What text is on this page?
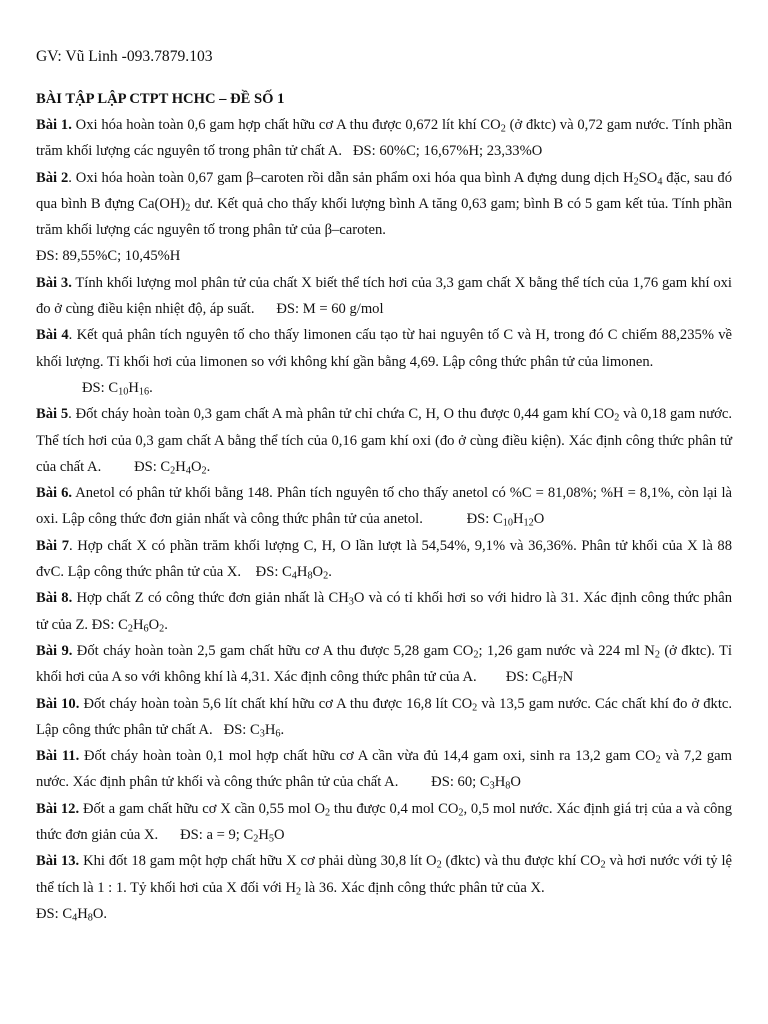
GV: Vũ Linh -093.7879.103
BÀI TẬP LẬP CTPT HCHC – ĐỀ SỐ 1

Bài 1. Oxi hóa hoàn toàn 0,6 gam hợp chất hữu cơ A thu được 0,672 lít khí $CO_2$ (ở đktc) và 0,72 gam nước. Tính phần trăm khối lượng các nguyên tố trong phân tử chất A.   ĐS: 60%C; 16,67%H; 23,33%O

Bài 2. Oxi hóa hoàn toàn 0,67 gam β–caroten rồi dẫn sản phẩm oxi hóa qua bình A đựng dung dịch $H_2SO_4$ đặc, sau đó qua bình B đựng $Ca(OH)_2$ dư. Kết quả cho thấy khối lượng bình A tăng 0,63 gam; bình B có 5 gam kết tủa. Tính phần trăm khối lượng các nguyên tố trong phân tử của β–caroten.
ĐS: 89,55%C; 10,45%H

Bài 3. Tính khối lượng mol phân tử của chất X biết thể tích hơi của 3,3 gam chất X bằng thể tích của 1,76 gam khí oxi đo ở cùng điều kiện nhiệt độ, áp suất.      ĐS: M = 60 g/mol

Bài 4. Kết quả phân tích nguyên tố cho thấy limonen cấu tạo từ hai nguyên tố C và H, trong đó C chiếm 88,235% về khối lượng. Tỉ khối hơi của limonen so với không khí gần bằng 4,69. Lập công thức phân tử của limonen.
ĐS: $C_{10}H_{16}$.

Bài 5. Đốt cháy hoàn toàn 0,3 gam chất A mà phân tử chỉ chứa C, H, O thu được 0,44 gam khí $CO_2$ và 0,18 gam nước. Thể tích hơi của 0,3 gam chất A bằng thể tích của 0,16 gam khí oxi (đo ở cùng điều kiện). Xác định công thức phân tử của chất A.         ĐS: $C_2H_4O_2$.

Bài 6. Anetol có phân tử khối bằng 148. Phân tích nguyên tố cho thấy anetol có %C = 81,08%; %H = 8,1%, còn lại là oxi. Lập công thức đơn giản nhất và công thức phân tử của anetol.            ĐS: $C_{10}H_{12}O$

Bài 7. Hợp chất X có phần trăm khối lượng C, H, O lần lượt là 54,54%, 9,1% và 36,36%. Phân tử khối của X là 88 đvC. Lập công thức phân tử của X.    ĐS: $C_4H_8O_2$.

Bài 8. Hợp chất Z có công thức đơn giản nhất là $CH_3O$ và có tỉ khối hơi so với hidro là 31. Xác định công thức phân tử của Z. ĐS: $C_2H_6O_2$.

Bài 9. Đốt cháy hoàn toàn 2,5 gam chất hữu cơ A thu được 5,28 gam $CO_2$; 1,26 gam nước và 224 ml $N_2$ (ở đktc). Tỉ khối hơi của A so với không khí là 4,31. Xác định công thức phân tử của A.        ĐS: $C_6H_7N$

Bài 10. Đốt cháy hoàn toàn 5,6 lít chất khí hữu cơ A thu được 16,8 lít $CO_2$ và 13,5 gam nước. Các chất khí đo ở đktc. Lập công thức phân tử chất A.   ĐS: $C_3H_6$.

Bài 11. Đốt cháy hoàn toàn 0,1 mol hợp chất hữu cơ A cần vừa đủ 14,4 gam oxi, sinh ra 13,2 gam $CO_2$ và 7,2 gam nước. Xác định phân tử khối và công thức phân tử của chất A.         ĐS: 60; $C_3H_8O$

Bài 12. Đốt a gam chất hữu cơ X cần 0,55 mol $O_2$ thu được 0,4 mol $CO_2$, 0,5 mol nước. Xác định giá trị của a và công thức đơn giản của X.      ĐS: a = 9; $C_2H_5O$

Bài 13. Khi đốt 18 gam một hợp chất hữu X cơ phải dùng 30,8 lít $O_2$ (đktc) và thu được khí $CO_2$ và hơi nước với tỷ lệ thể tích là 1 : 1. Tỷ khối hơi của X đối với $H_2$ là 36. Xác định công thức phân tử của X.
ĐS: $C_4H_8O$.
